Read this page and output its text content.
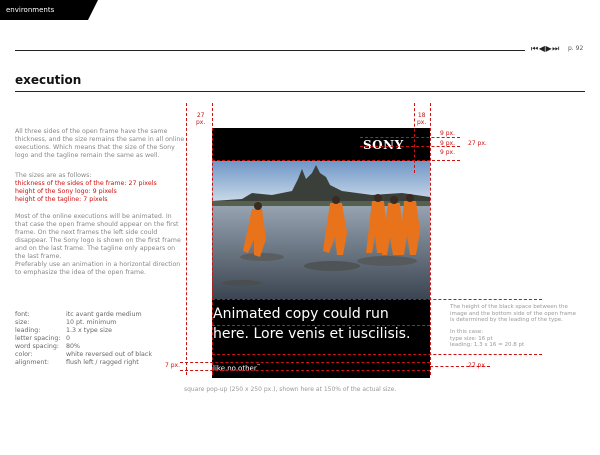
environments
⏮ ◀ ▶ ⏭ p. 92
execution
All three sides of the open frame have the same thickness, and the size remains the same in all online executions. Which means that the size of the Sony logo and the tagline remain the same as well.
The sizes are as follows:
thickness of the sides of the frame: 27 pixels
height of the Sony logo: 9 pixels
height of the tagline: 7 pixels
Most of the online executions will be animated. In that case the open frame should appear on the first frame. On the next frames the left side could disappear. The Sony logo is shown on the first frame and on the last frame. The tagline only appears on the last frame.
Preferably use an animation in a horizontal direction to emphasize the idea of the open frame.
font:	itc avant garde medium
size:	10 pt. minimum
leading:	1.3 x type size
letter spacing: 0
word spacing: 80%
color:	white reversed out of black
alignment:	flush left / ragged right
SONY
Animated copy could run here. Lore venis et iuscilisis.
like.no.other™
27
px.
18
px.
9 px.
9 px.
9 px.
27 px.
7 px.	27 px.
The height of the black space between the image and the bottom side of the open frame is determined by the leading of the type.
In this case:
type size: 16 pt
leading: 1.3 x 16 = 20.8 pt
square pop-up (250 x 250 px.), shown here at 150% of the actual size.
